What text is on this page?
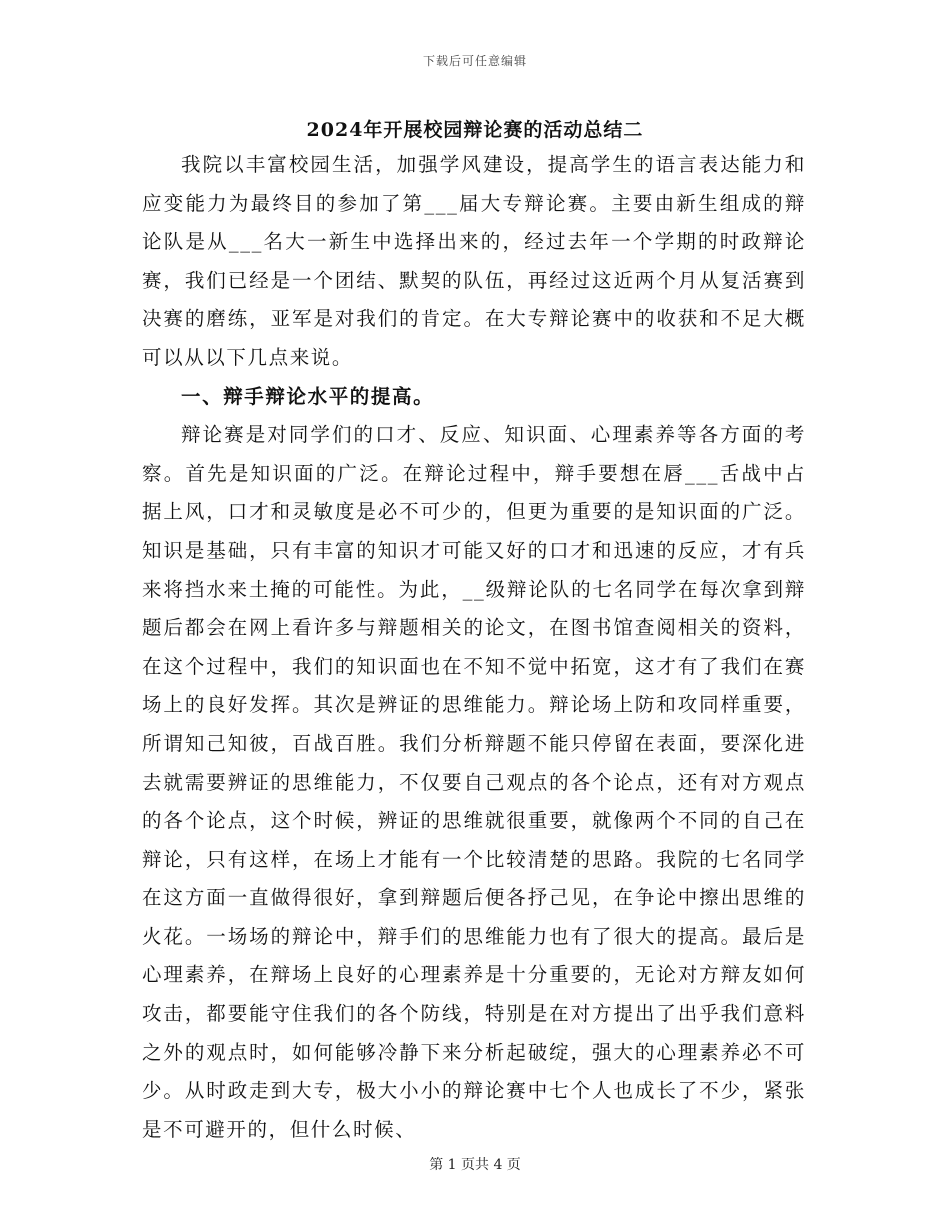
下载后可任意编辑
2024年开展校园辩论赛的活动总结二

我院以丰富校园生活，加强学风建设，提高学生的语言表达能力和应变能力为最终目的参加了第___届大专辩论赛。主要由新生组成的辩论队是从___名大一新生中选择出来的，经过去年一个学期的时政辩论赛，我们已经是一个团结、默契的队伍，再经过这近两个月从复活赛到决赛的磨练，亚军是对我们的肯定。在大专辩论赛中的收获和不足大概可以从以下几点来说。

一、辩手辩论水平的提高。

辩论赛是对同学们的口才、反应、知识面、心理素养等各方面的考察。首先是知识面的广泛。在辩论过程中，辩手要想在唇___舌战中占据上风，口才和灵敏度是必不可少的，但更为重要的是知识面的广泛。知识是基础，只有丰富的知识才可能又好的口才和迅速的反应，才有兵来将挡水来土掩的可能性。为此，__级辩论队的七名同学在每次拿到辩题后都会在网上看许多与辩题相关的论文，在图书馆查阅相关的资料，在这个过程中，我们的知识面也在不知不觉中拓宽，这才有了我们在赛场上的良好发挥。其次是辨证的思维能力。辩论场上防和攻同样重要，所谓知己知彼，百战百胜。我们分析辩题不能只停留在表面，要深化进去就需要辨证的思维能力，不仅要自己观点的各个论点，还有对方观点的各个论点，这个时候，辨证的思维就很重要，就像两个不同的自己在辩论，只有这样，在场上才能有一个比较清楚的思路。我院的七名同学在这方面一直做得很好，拿到辩题后便各抒己见，在争论中擦出思维的火花。一场场的辩论中，辩手们的思维能力也有了很大的提高。最后是心理素养，在辩场上良好的心理素养是十分重要的，无论对方辩友如何攻击，都要能守住我们的各个防线，特别是在对方提出了出乎我们意料之外的观点时，如何能够冷静下来分析起破绽，强大的心理素养必不可少。从时政走到大专，极大小小的辩论赛中七个人也成长了不少，紧张是不可避开的，但什么时候、

第 1 页共 4 页
